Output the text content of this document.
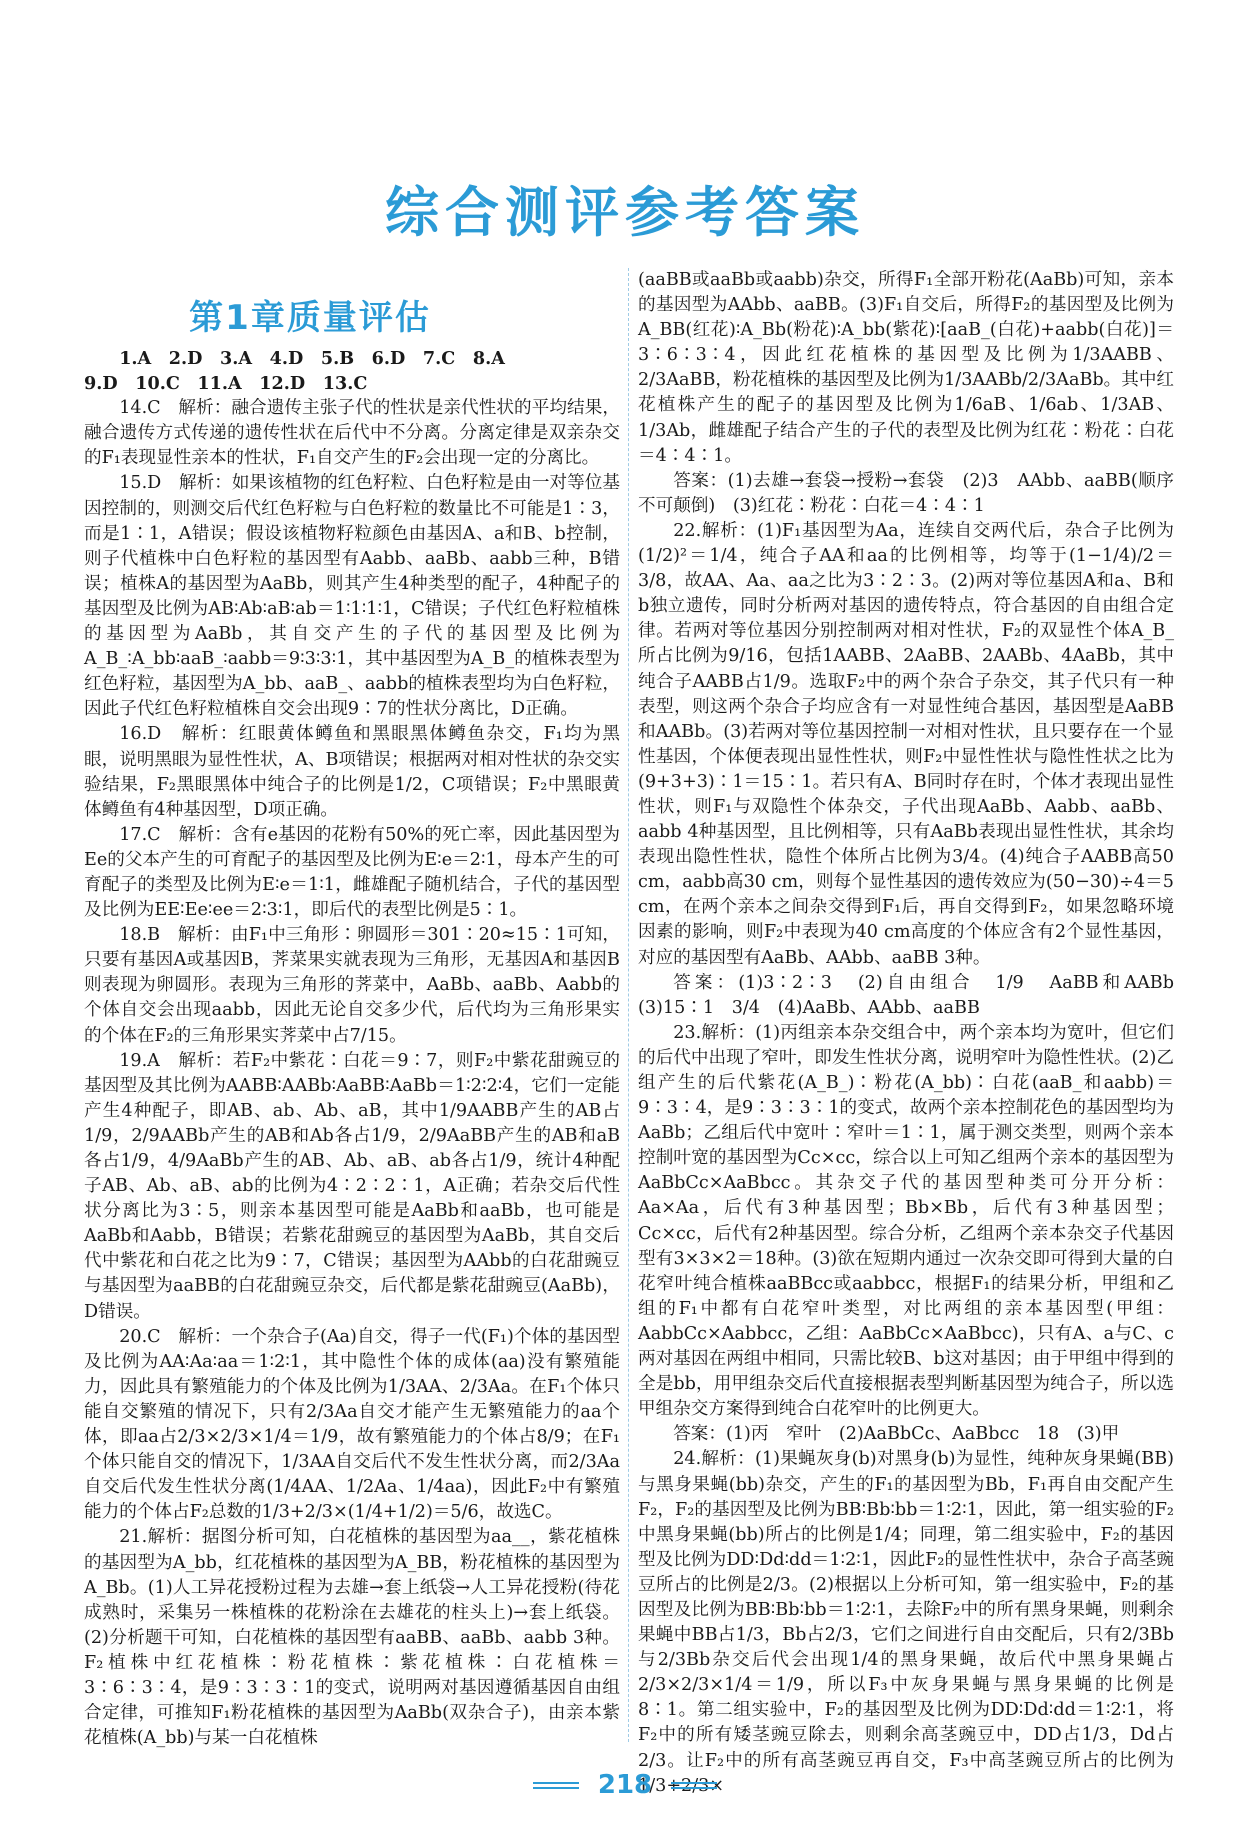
综合测评参考答案
第1章质量评估

1.A　2.D　3.A　4.D　5.B　6.D　7.C　8.A

9.D　10.C　11.A　12.D　13.C

14.C　解析：融合遗传主张子代的性状是亲代性状的平均结果，融合遗传方式传递的遗传性状在后代中不分离。分离定律是双亲杂交的F₁表现显性亲本的性状，F₁自交产生的F₂会出现一定的分离比。

15.D　解析：如果该植物的红色籽粒、白色籽粒是由一对等位基因控制的，则测交后代红色籽粒与白色籽粒的数量比不可能是1∶3，而是1∶1，A错误；假设该植物籽粒颜色由基因A、a和B、b控制，则子代植株中白色籽粒的基因型有Aabb、aaBb、aabb三种，B错误；植株A的基因型为AaBb，则其产生4种类型的配子，4种配子的基因型及比例为AB∶Ab∶aB∶ab＝1∶1∶1∶1，C错误；子代红色籽粒植株的基因型为AaBb，其自交产生的子代的基因型及比例为A_B_∶A_bb∶aaB_∶aabb＝9∶3∶3∶1，其中基因型为A_B_的植株表型为红色籽粒，基因型为A_bb、aaB_、aabb的植株表型均为白色籽粒，因此子代红色籽粒植株自交会出现9∶7的性状分离比，D正确。

16.D　解析：红眼黄体鳟鱼和黑眼黑体鳟鱼杂交，F₁均为黑眼，说明黑眼为显性性状，A、B项错误；根据两对相对性状的杂交实验结果，F₂黑眼黑体中纯合子的比例是1/2，C项错误；F₂中黑眼黄体鳟鱼有4种基因型，D项正确。

17.C　解析：含有e基因的花粉有50%的死亡率，因此基因型为Ee的父本产生的可育配子的基因型及比例为E∶e＝2∶1，母本产生的可育配子的类型及比例为E∶e＝1∶1，雌雄配子随机结合，子代的基因型及比例为EE∶Ee∶ee＝2∶3∶1，即后代的表型比例是5∶1。

18.B　解析：由F₁中三角形∶卵圆形＝301∶20≈15∶1可知，只要有基因A或基因B，荠菜果实就表现为三角形，无基因A和基因B则表现为卵圆形。表现为三角形的荠菜中，AaBb、aaBb、Aabb的个体自交会出现aabb，因此无论自交多少代，后代均为三角形果实的个体在F₂的三角形果实荠菜中占7/15。

19.A　解析：若F₂中紫花∶白花＝9∶7，则F₂中紫花甜豌豆的基因型及其比例为AABB∶AABb∶AaBB∶AaBb＝1∶2∶2∶4，它们一定能产生4种配子，即AB、ab、Ab、aB，其中1/9AABB产生的AB占1/9，2/9AABb产生的AB和Ab各占1/9，2/9AaBB产生的AB和aB各占1/9，4/9AaBb产生的AB、Ab、aB、ab各占1/9，统计4种配子AB、Ab、aB、ab的比例为4∶2∶2∶1，A正确；若杂交后代性状分离比为3∶5，则亲本基因型可能是AaBb和aaBb，也可能是AaBb和Aabb，B错误；若紫花甜豌豆的基因型为AaBb，其自交后代中紫花和白花之比为9∶7，C错误；基因型为AAbb的白花甜豌豆与基因型为aaBB的白花甜豌豆杂交，后代都是紫花甜豌豆(AaBb)，D错误。

20.C　解析：一个杂合子(Aa)自交，得子一代(F₁)个体的基因型及比例为AA∶Aa∶aa＝1∶2∶1，其中隐性个体的成体(aa)没有繁殖能力，因此具有繁殖能力的个体及比例为1/3AA、2/3Aa。在F₁个体只能自交繁殖的情况下，只有2/3Aa自交才能产生无繁殖能力的aa个体，即aa占2/3×2/3×1/4＝1/9，故有繁殖能力的个体占8/9；在F₁个体只能自交的情况下，1/3AA自交后代不发生性状分离，而2/3Aa自交后代发生性状分离(1/4AA、1/2Aa、1/4aa)，因此F₂中有繁殖能力的个体占F₂总数的1/3+2/3×(1/4+1/2)＝5/6，故选C。

21.解析：据图分析可知，白花植株的基因型为aa__，紫花植株的基因型为A_bb，红花植株的基因型为A_BB，粉花植株的基因型为A_Bb。(1)人工异花授粉过程为去雄→套上纸袋→人工异花授粉(待花成熟时，采集另一株植株的花粉涂在去雄花的柱头上)→套上纸袋。(2)分析题干可知，白花植株的基因型有aaBB、aaBb、aabb 3种。F₂植株中红花植株∶粉花植株∶紫花植株∶白花植株＝3∶6∶3∶4，是9∶3∶3∶1的变式，说明两对基因遵循基因自由组合定律，可推知F₁粉花植株的基因型为AaBb(双杂合子)，由亲本紫花植株(A_bb)与某一白花植株

(aaBB或aaBb或aabb)杂交，所得F₁全部开粉花(AaBb)可知，亲本的基因型为AAbb、aaBB。(3)F₁自交后，所得F₂的基因型及比例为A_BB(红花)∶A_Bb(粉花)∶A_bb(紫花)∶[aaB_(白花)+aabb(白花)]＝3∶6∶3∶4，因此红花植株的基因型及比例为1/3AABB、2/3AaBB，粉花植株的基因型及比例为1/3AABb/2/3AaBb。其中红花植株产生的配子的基因型及比例为1/6aB、1/6ab、1/3AB、1/3Ab，雌雄配子结合产生的子代的表型及比例为红花∶粉花∶白花＝4∶4∶1。

答案：(1)去雄→套袋→授粉→套袋　(2)3　AAbb、aaBB(顺序不可颠倒)　(3)红花∶粉花∶白花＝4∶4∶1

22.解析：(1)F₁基因型为Aa，连续自交两代后，杂合子比例为(1/2)²＝1/4，纯合子AA和aa的比例相等，均等于(1−1/4)/2＝3/8，故AA、Aa、aa之比为3∶2∶3。(2)两对等位基因A和a、B和b独立遗传，同时分析两对基因的遗传特点，符合基因的自由组合定律。若两对等位基因分别控制两对相对性状，F₂的双显性个体A_B_所占比例为9/16，包括1AABB、2AaBB、2AABb、4AaBb，其中纯合子AABB占1/9。选取F₂中的两个杂合子杂交，其子代只有一种表型，则这两个杂合子均应含有一对显性纯合基因，基因型是AaBB和AABb。(3)若两对等位基因控制一对相对性状，且只要存在一个显性基因，个体便表现出显性性状，则F₂中显性性状与隐性性状之比为(9+3+3)∶1＝15∶1。若只有A、B同时存在时，个体才表现出显性性状，则F₁与双隐性个体杂交，子代出现AaBb、Aabb、aaBb、aabb 4种基因型，且比例相等，只有AaBb表现出显性性状，其余均表现出隐性性状，隐性个体所占比例为3/4。(4)纯合子AABB高50 cm，aabb高30 cm，则每个显性基因的遗传效应为(50−30)÷4＝5 cm，在两个亲本之间杂交得到F₁后，再自交得到F₂，如果忽略环境因素的影响，则F₂中表现为40 cm高度的个体应含有2个显性基因，对应的基因型有AaBb、AAbb、aaBB 3种。

答案：(1)3∶2∶3　(2)自由组合　1/9　AaBB和AABb　(3)15∶1　3/4　(4)AaBb、AAbb、aaBB

23.解析：(1)丙组亲本杂交组合中，两个亲本均为宽叶，但它们的后代中出现了窄叶，即发生性状分离，说明窄叶为隐性性状。(2)乙组产生的后代紫花(A_B_)∶粉花(A_bb)∶白花(aaB_和aabb)＝9∶3∶4，是9∶3∶3∶1的变式，故两个亲本控制花色的基因型均为AaBb；乙组后代中宽叶∶窄叶＝1∶1，属于测交类型，则两个亲本控制叶宽的基因型为Cc×cc，综合以上可知乙组两个亲本的基因型为AaBbCc×AaBbcc。其杂交子代的基因型种类可分开分析：Aa×Aa，后代有3种基因型；Bb×Bb，后代有3种基因型；Cc×cc，后代有2种基因型。综合分析，乙组两个亲本杂交子代基因型有3×3×2＝18种。(3)欲在短期内通过一次杂交即可得到大量的白花窄叶纯合植株aaBBcc或aabbcc，根据F₁的结果分析，甲组和乙组的F₁中都有白花窄叶类型，对比两组的亲本基因型(甲组：AabbCc×Aabbcc，乙组：AaBbCc×AaBbcc)，只有A、a与C、c两对基因在两组中相同，只需比较B、b这对基因；由于甲组中得到的全是bb，用甲组杂交后代直接根据表型判断基因型为纯合子，所以选甲组杂交方案得到纯合白花窄叶的比例更大。

答案：(1)丙　窄叶　(2)AaBbCc、AaBbcc　18　(3)甲

24.解析：(1)果蝇灰身(b)对黑身(b)为显性，纯种灰身果蝇(BB)与黑身果蝇(bb)杂交，产生的F₁的基因型为Bb，F₁再自由交配产生F₂，F₂的基因型及比例为BB∶Bb∶bb＝1∶2∶1，因此，第一组实验的F₂中黑身果蝇(bb)所占的比例是1/4；同理，第二组实验中，F₂的基因型及比例为DD∶Dd∶dd＝1∶2∶1，因此F₂的显性性状中，杂合子高茎豌豆所占的比例是2/3。(2)根据以上分析可知，第一组实验中，F₂的基因型及比例为BB∶Bb∶bb＝1∶2∶1，去除F₂中的所有黑身果蝇，则剩余果蝇中BB占1/3，Bb占2/3，它们之间进行自由交配后，只有2/3Bb与2/3Bb杂交后代会出现1/4的黑身果蝇，故后代中黑身果蝇占2/3×2/3×1/4＝1/9，所以F₃中灰身果蝇与黑身果蝇的比例是8∶1。第二组实验中，F₂的基因型及比例为DD∶Dd∶dd＝1∶2∶1，将F₂中的所有矮茎豌豆除去，则剩余高茎豌豆中，DD占1/3，Dd占2/3。让F₂中的所有高茎豌豆再自交，F₃中高茎豌豆所占的比例为1/3+2/3×

218
